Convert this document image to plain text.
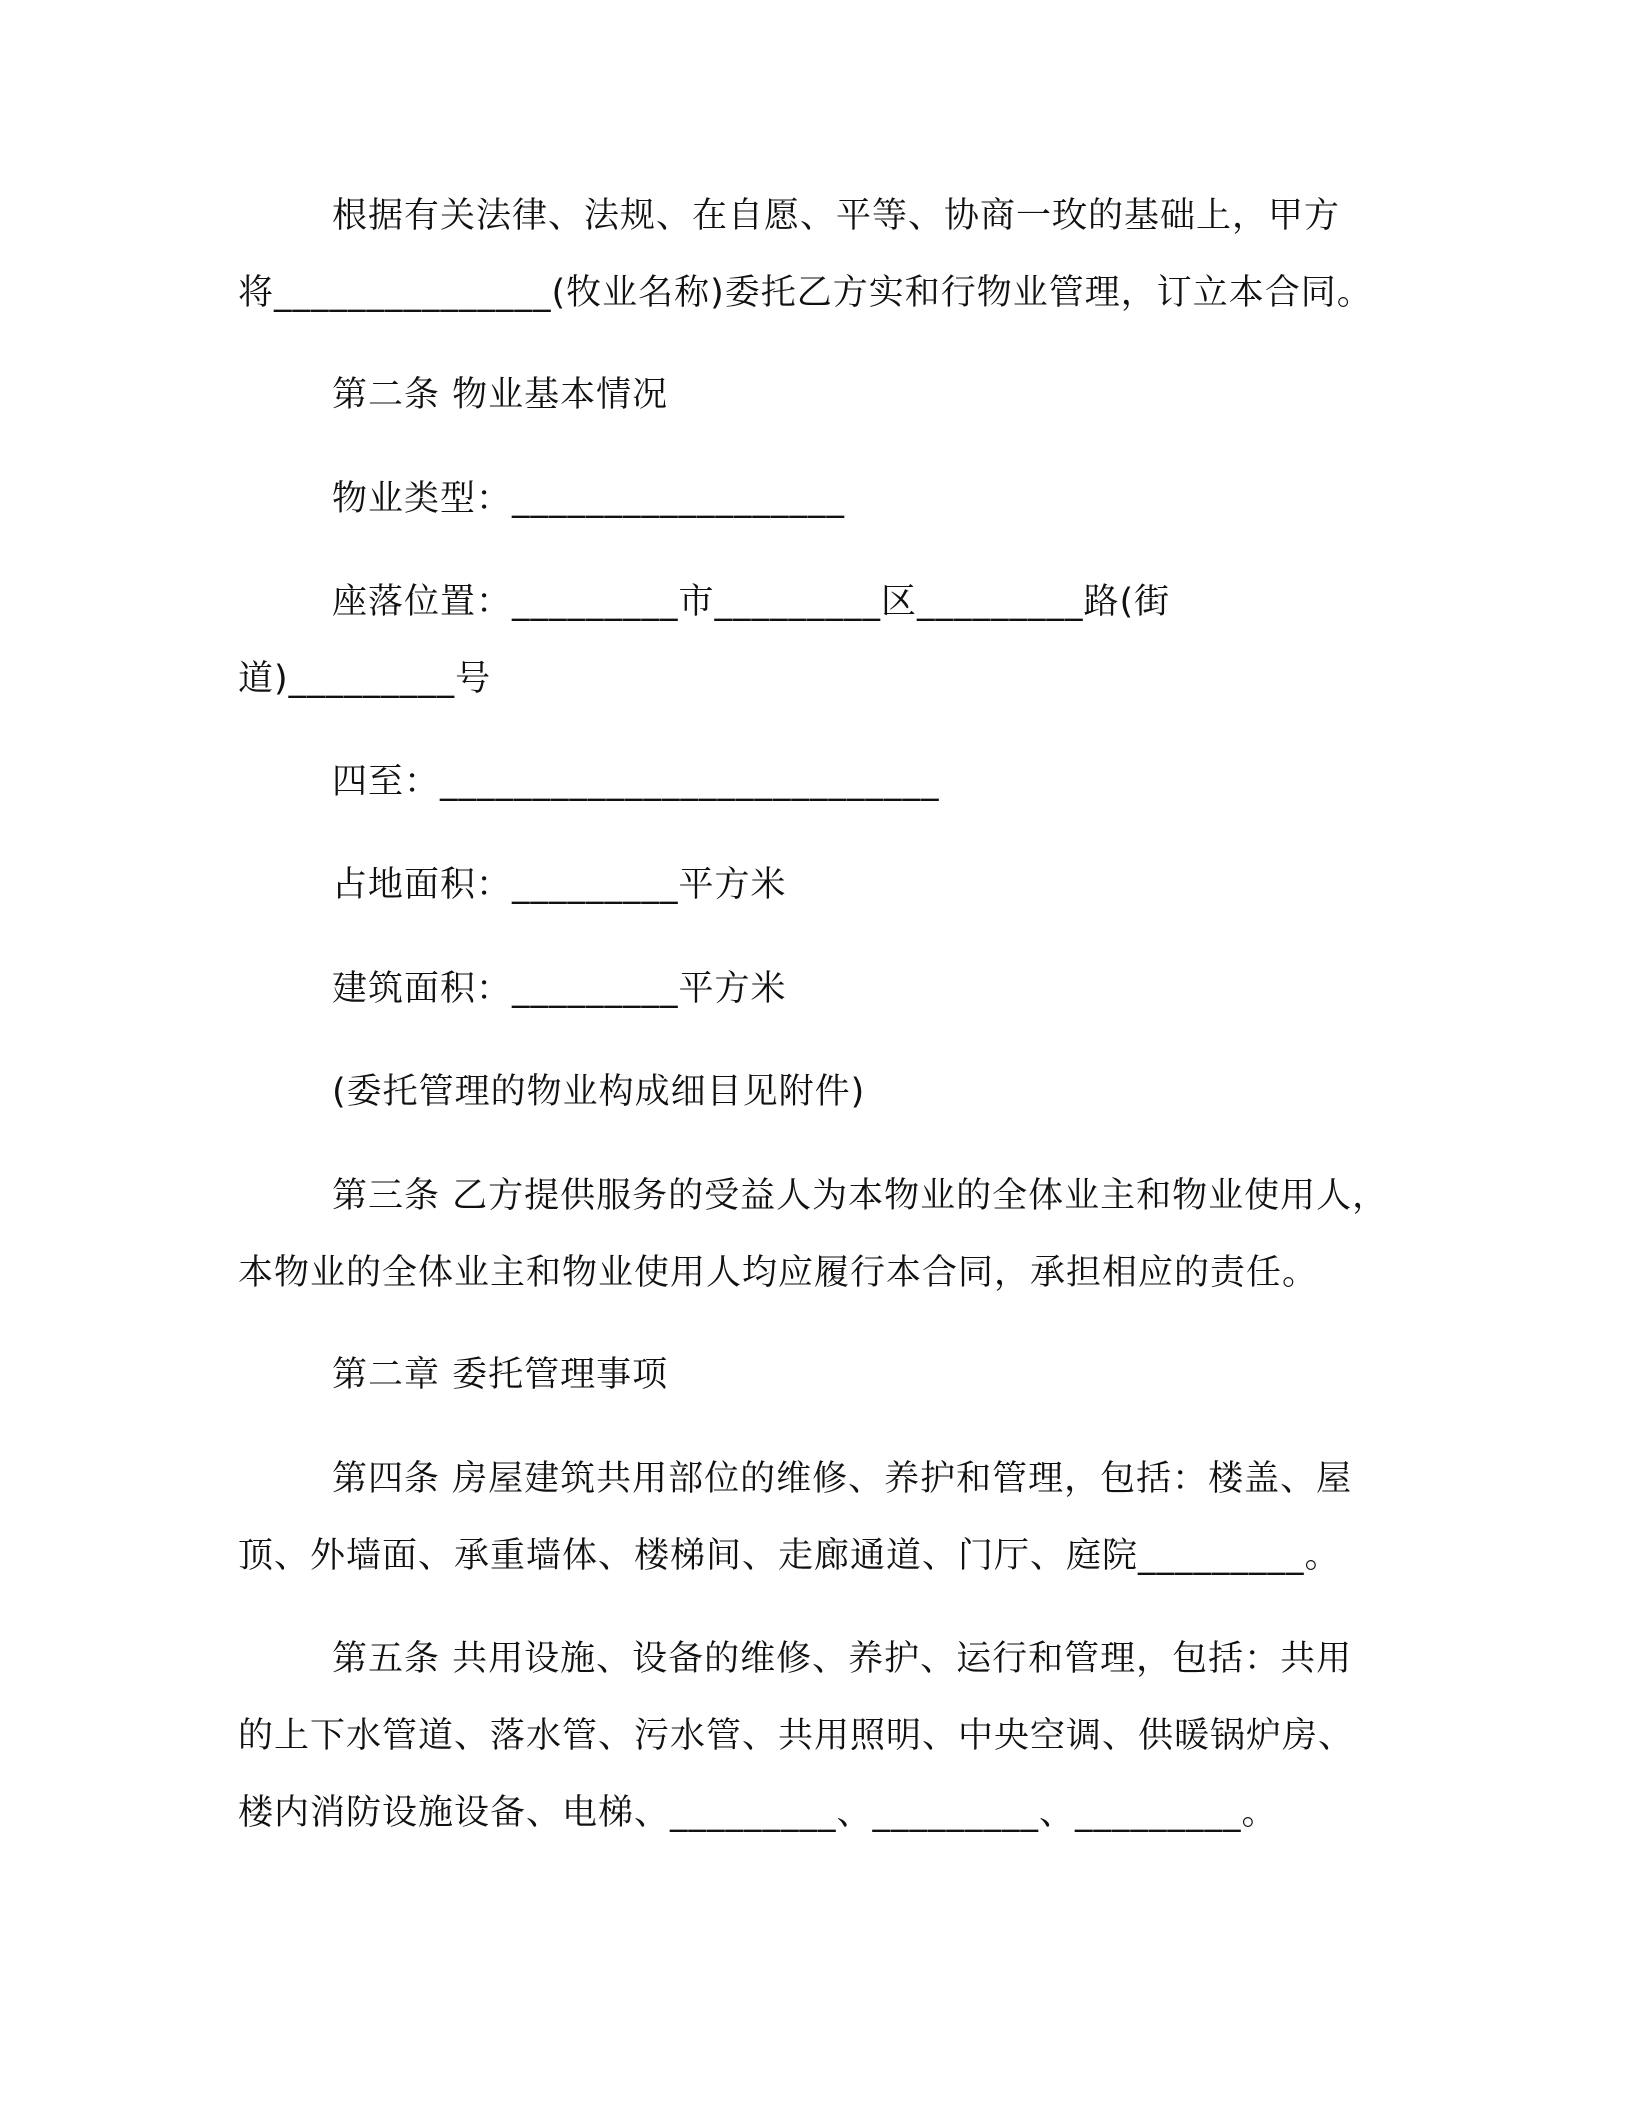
根据有关法律、法规、在自愿、平等、协商一玫的基础上，甲方
将_______________(牧业名称)委托乙方实和行物业管理，订立本合同。
第二条 物业基本情况
物业类型：__________________
座落位置：_________市_________区_________路(街
道)_________号
四至：___________________________
占地面积：_________平方米
建筑面积：_________平方米
(委托管理的物业构成细目见附件)
第三条 乙方提供服务的受益人为本物业的全体业主和物业使用人，
本物业的全体业主和物业使用人均应履行本合同，承担相应的责任。
第二章 委托管理事项
第四条 房屋建筑共用部位的维修、养护和管理，包括：楼盖、屋
顶、外墙面、承重墙体、楼梯间、走廊通道、门厅、庭院_________。
第五条 共用设施、设备的维修、养护、运行和管理，包括：共用
的上下水管道、落水管、污水管、共用照明、中央空调、供暖锅炉房、
楼内消防设施设备、电梯、_________、_________、_________。
